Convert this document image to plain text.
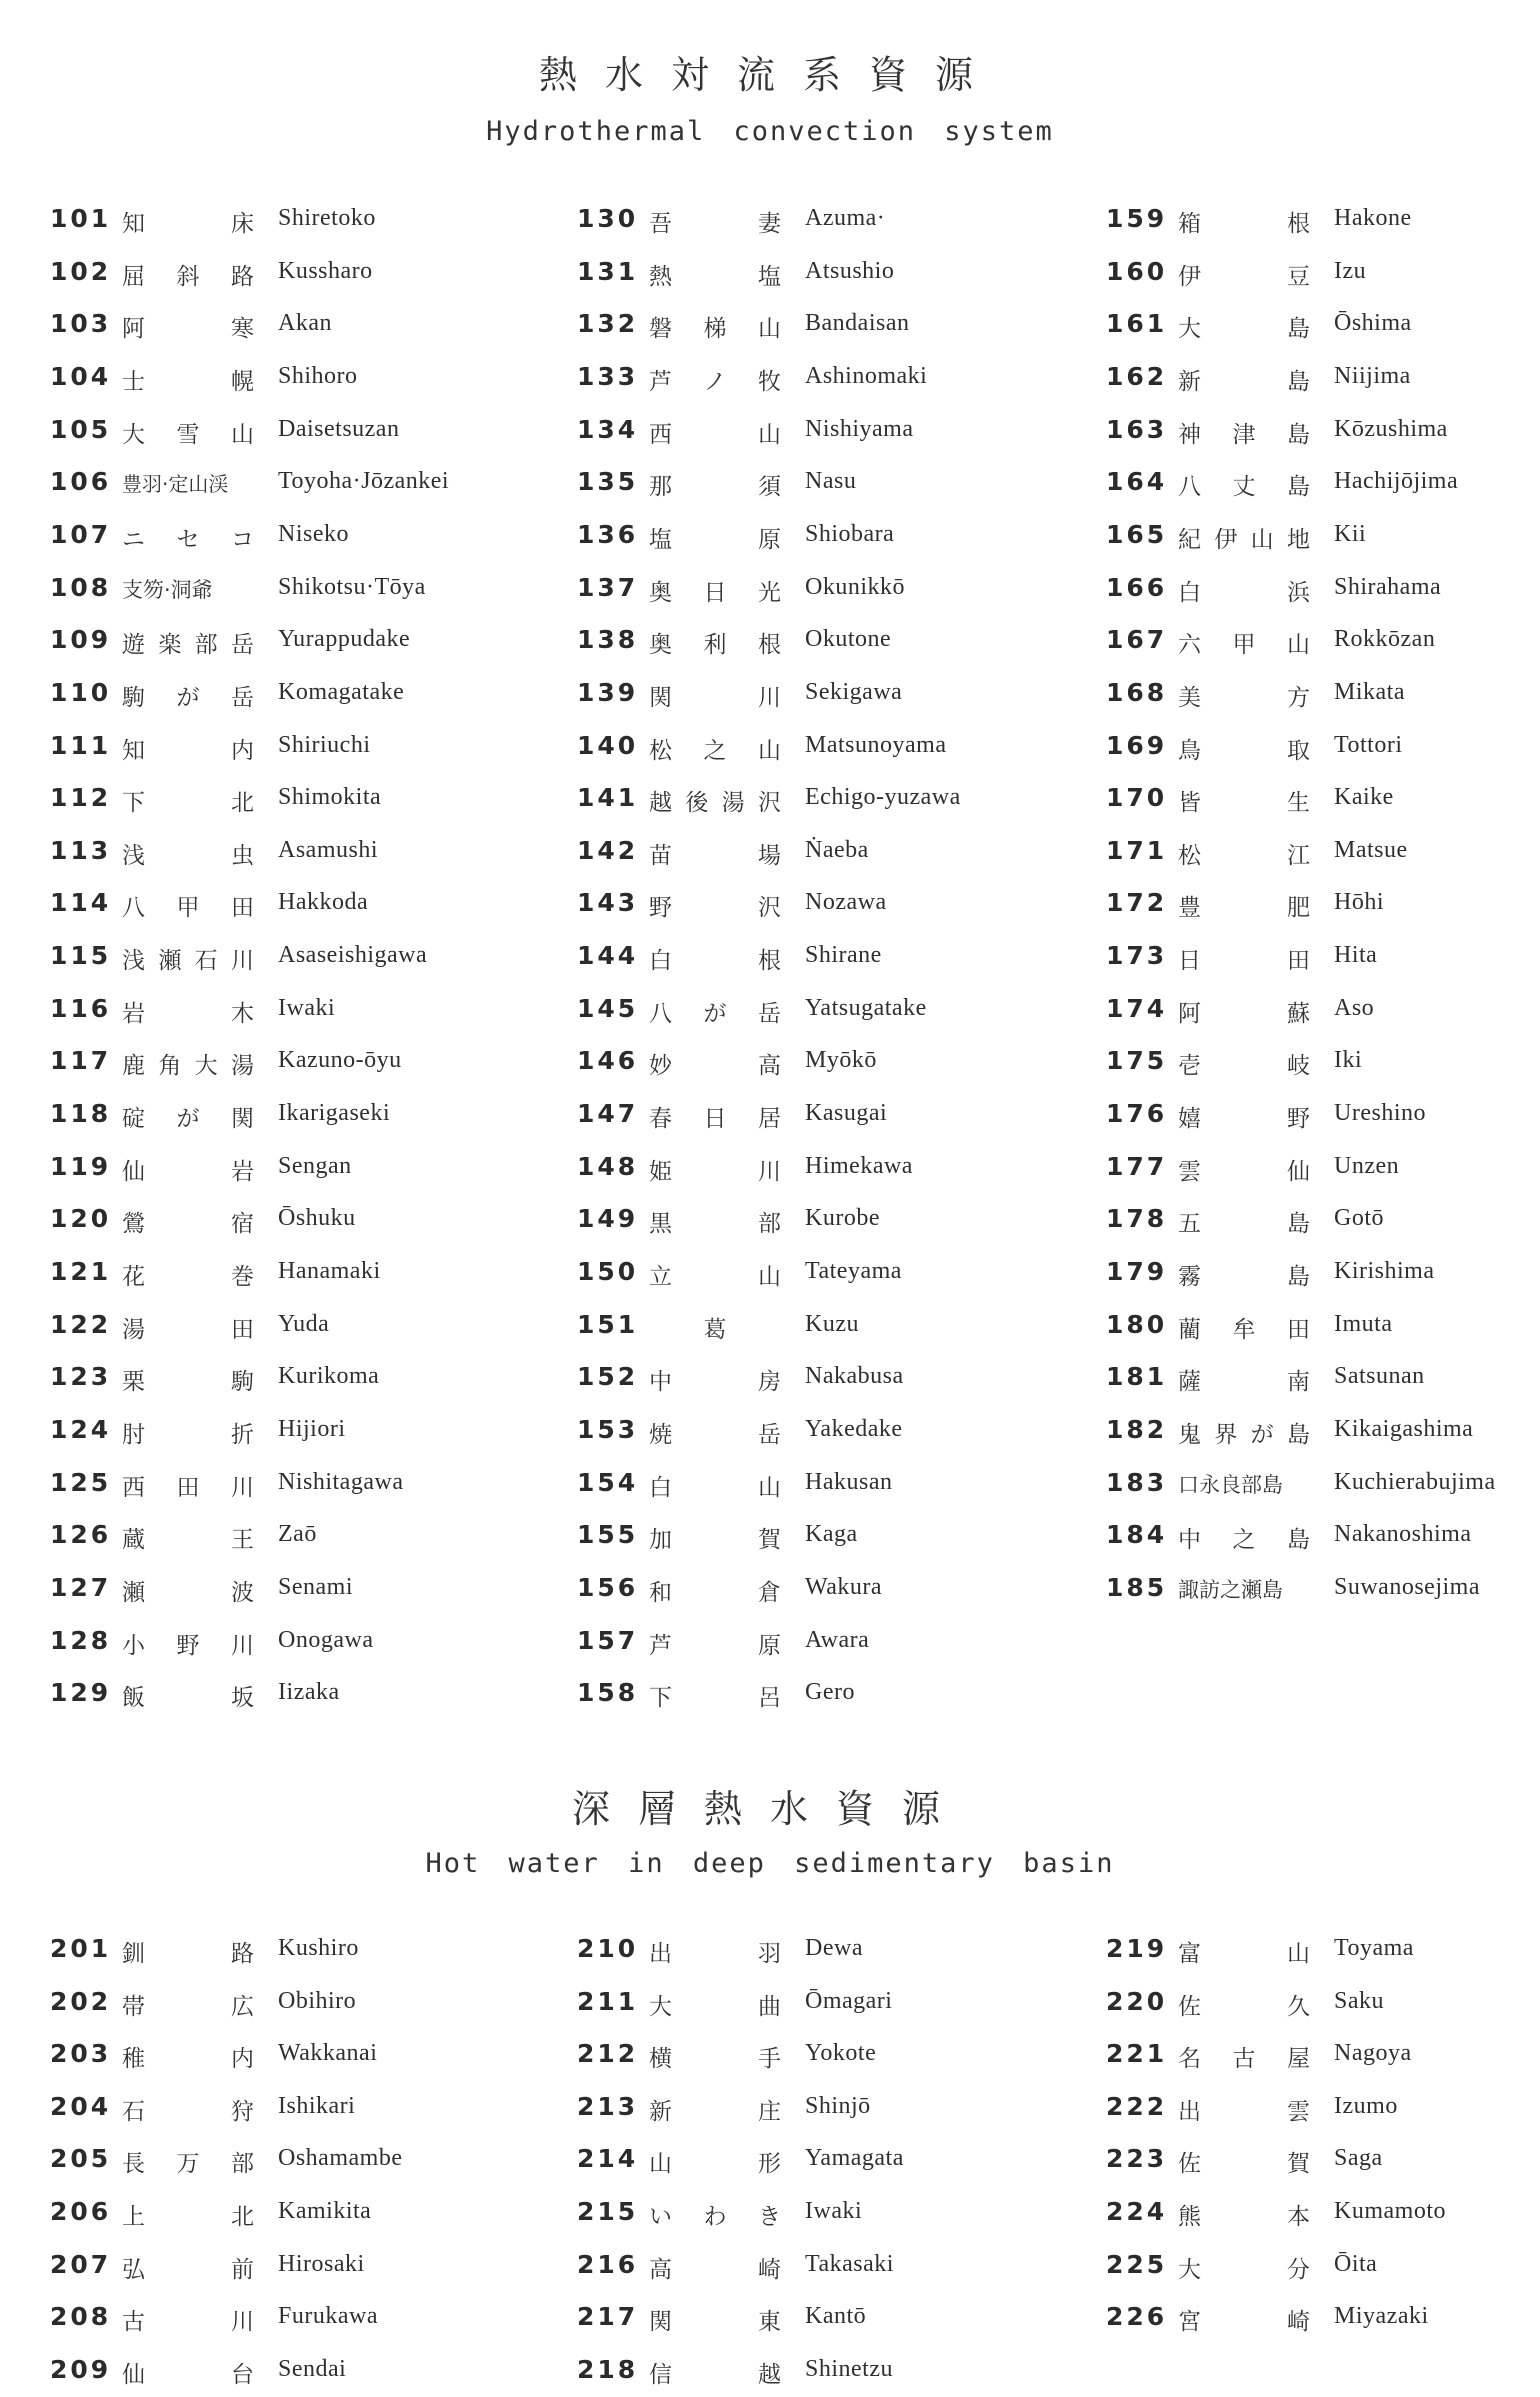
熱水対流系資源
Hydrothermal convection system
101 知	床 Shiretoko
102 屈 斜 路 Kussharo
103 阿	寒 Akan
104 士	幌 Shihoro
105 大 雪 山 Daisetsuzan
106 豊羽·定山渓	Toyoha·Jōzankei
107 ニ セ コ Niseko
108 支笏·洞爺	Shikotsu·Tōya
109 遊 楽 部 岳 Yurappudake
110 駒 が 岳 Komagatake
111 知	内 Shiriuchi
112 下	北 Shimokita
113 浅	虫 Asamushi
114 八 甲 田 Hakkoda
115 浅 瀬 石 川 Asaseishigawa
116 岩	木 Iwaki
117 鹿 角 大 湯 Kazuno-ōyu
118 碇 が 関 Ikarigaseki
119 仙	岩 Sengan
120 鶯	宿 Ōshuku
121 花	巻 Hanamaki
122 湯	田 Yuda
123 栗	駒 Kurikoma
124 肘	折 Hijiori
125 西 田 川 Nishitagawa
126 蔵	王 Zaō
127 瀬	波 Senami
128 小 野 川 Onogawa
129 飯	坂 Iizaka
130 吾	妻 Azuma·
131 熱	塩 Atsushio
132 磐 梯 山 Bandaisan
133 芦 ノ 牧 Ashinomaki
134 西	山 Nishiyama
135 那	須 Nasu
136 塩	原 Shiobara
137 奥 日 光 Okunikkō
138 奥 利 根 Okutone
139 関	川 Sekigawa
140 松 之 山 Matsunoyama
141 越 後 湯 沢 Echigo-yuzawa
142 苗	場 Ṅaeba
143 野	沢 Nozawa
144 白	根 Shirane
145 八 が 岳 Yatsugatake
146 妙	高 Myōkō
147 春 日 居 Kasugai
148 姫	川 Himekawa
149 黒	部 Kurobe
150 立	山 Tateyama
151	葛	Kuzu
152 中	房 Nakabusa
153 焼	岳 Yakedake
154 白	山 Hakusan
155 加	賀 Kaga
156 和	倉 Wakura
157 芦	原 Awara
158 下	呂 Gero
159 箱	根 Hakone
160 伊	豆 Izu
161 大	島 Ōshima
162 新	島 Niijima
163 神 津 島 Kōzushima
164 八 丈 島 Hachijōjima
165 紀 伊 山 地 Kii
166 白	浜 Shirahama
167 六 甲 山 Rokkōzan
168 美	方 Mikata
169 鳥	取 Tottori
170 皆	生 Kaike
171 松	江 Matsue
172 豊	肥 Hōhi
173 日	田 Hita
174 阿	蘇 Aso
175 壱	岐 Iki
176 嬉	野 Ureshino
177 雲	仙 Unzen
178 五	島 Gotō
179 霧	島 Kirishima
180 藺 牟 田 Imuta
181 薩	南 Satsunan
182 鬼 界 が 島 Kikaigashima
183 口永良部島	Kuchierabujima
184 中 之 島 Nakanoshima
185 諏訪之瀬島	Suwanosejima
深層熱水資源
Hot water in deep sedimentary basin
201 釧	路 Kushiro
202 帯	広 Obihiro
203 稚	内 Wakkanai
204 石	狩 Ishikari
205 長 万 部 Oshamambe
206 上	北 Kamikita
207 弘	前 Hirosaki
208 古	川 Furukawa
209 仙	台 Sendai
210 出	羽 Dewa
211 大	曲 Ōmagari
212 横	手 Yokote
213 新	庄 Shinjō
214 山	形 Yamagata
215 い わ き Iwaki
216 高	崎 Takasaki
217 関	東 Kantō
218 信	越 Shinetzu
219 富	山 Toyama
220 佐	久 Saku
221 名 古 屋 Nagoya
222 出	雲 Izumo
223 佐	賀 Saga
224 熊	本 Kumamoto
225 大	分 Ōita
226 宮	崎 Miyazaki
